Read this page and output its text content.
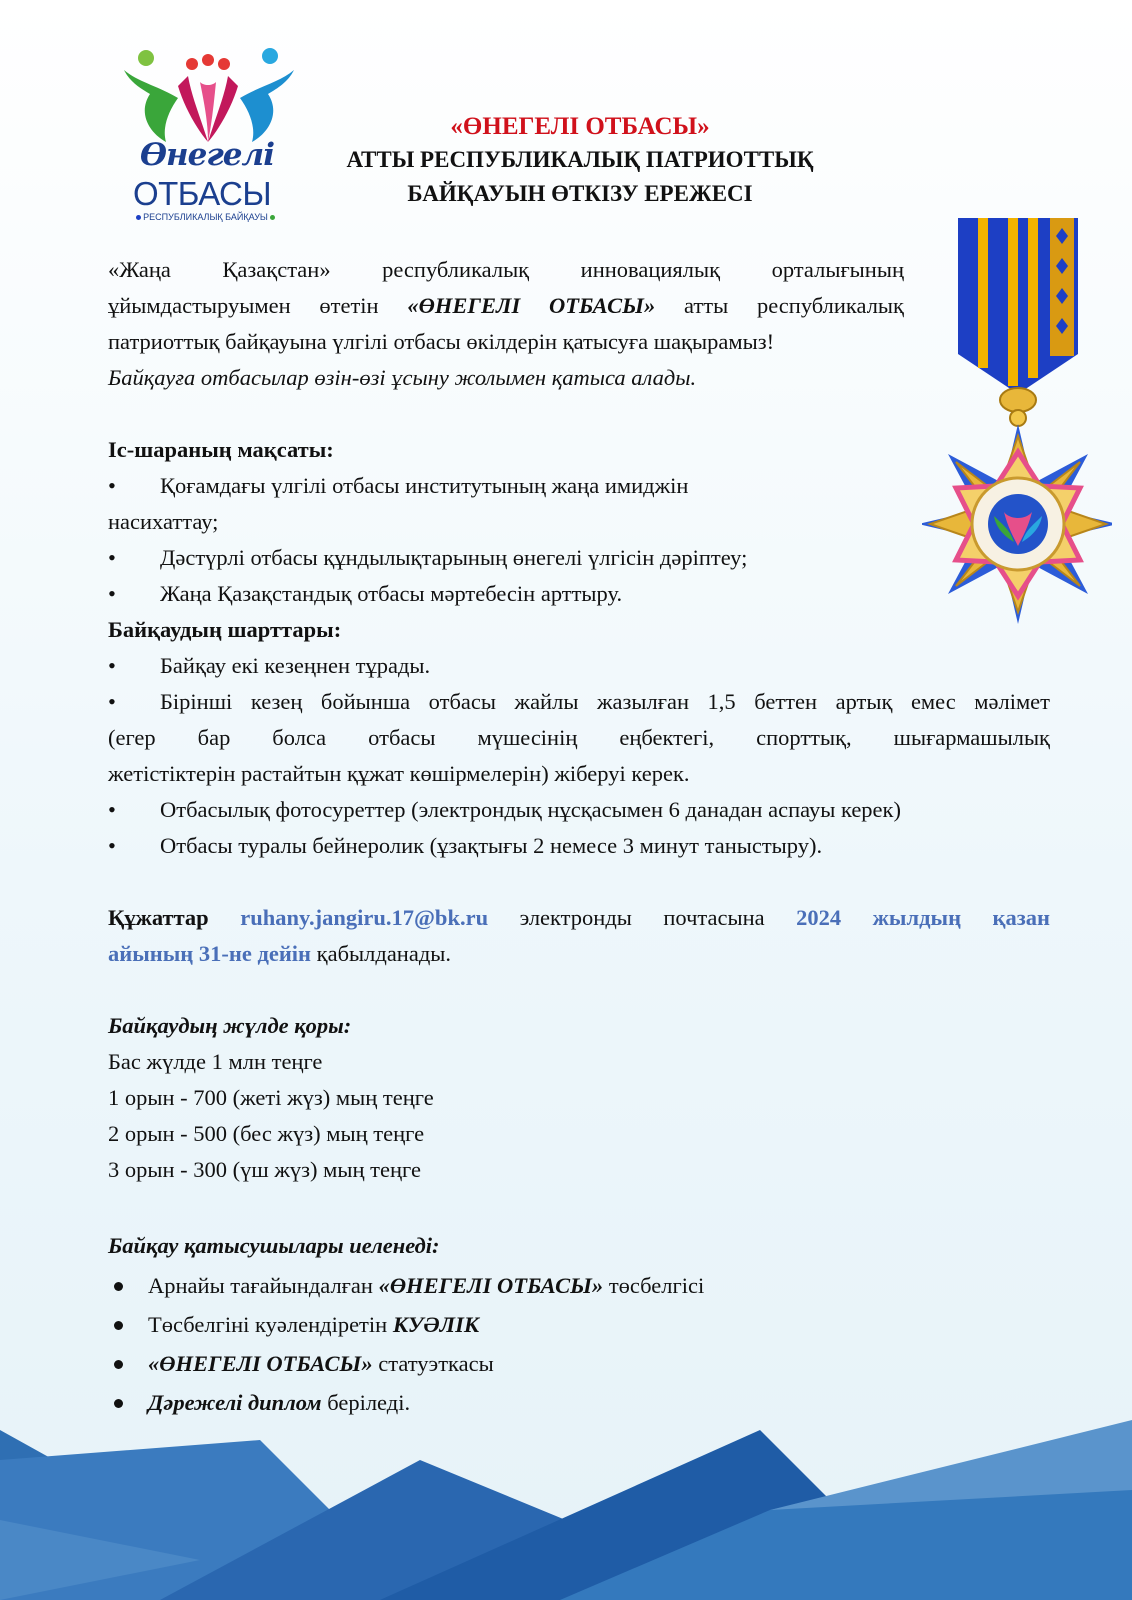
Өнегелі
ОТБАСЫ
РЕСПУБЛИКАЛЫҚ БАЙҚАУЫ
«ӨНЕГЕЛІ ОТБАСЫ»
АТТЫ РЕСПУБЛИКАЛЫҚ ПАТРИОТТЫҚ
БАЙҚАУЫН ӨТКІЗУ ЕРЕЖЕСІ
«Жаңа Қазақстан» республикалық инновациялық орталығының
ұйымдастыруымен өтетін «ӨНЕГЕЛІ ОТБАСЫ» атты республикалық
патриоттық байқауына үлгілі отбасы өкілдерін қатысуға шақырамыз!
Байқауға отбасылар өзін-өзі ұсыну жолымен қатыса алады.

Іс-шараның мақсаты:

•Қоғамдағы үлгілі отбасы институтының жаңа имиджін

насихаттау;

•Дәстүрлі отбасы құндылықтарының өнегелі үлгісін дәріптеу;

•Жаңа Қазақстандық отбасы мәртебесін арттыру.

Байқаудың шарттары:

•Байқау екі кезеңнен тұрады.

•Бірінші кезең бойынша отбасы жайлы жазылған 1,5 беттен артық емес мәлімет

(егер бар болса отбасы мүшесінің еңбектегі, спорттық, шығармашылық

жетістіктерін растайтын құжат көшірмелерін) жіберуі керек.

•Отбасылық фотосуреттер (электрондық нұсқасымен 6 данадан аспауы керек)

•Отбасы туралы бейнеролик (ұзақтығы 2 немесе 3 минут таныстыру).

Құжаттар ruhany.jangiru.17@bk.ru электронды почтасына 2024 жылдың қазан

айының 31-не дейін қабылданады.

Байқаудың жүлде қоры:

Бас жүлде 1 млн теңге

1 орын - 700 (жеті жүз) мың теңге

2 орын - 500 (бес жүз) мың теңге

3 орын - 300 (үш жүз) мың теңге

Байқау қатысушылары иеленеді:

Арнайы тағайындалған «ӨНЕГЕЛІ ОТБАСЫ» төсбелгісі
Төсбелгіні куәлендіретін КУӘЛІК
«ӨНЕГЕЛІ ОТБАСЫ» статуэткасы
Дәрежелі диплом беріледі.
